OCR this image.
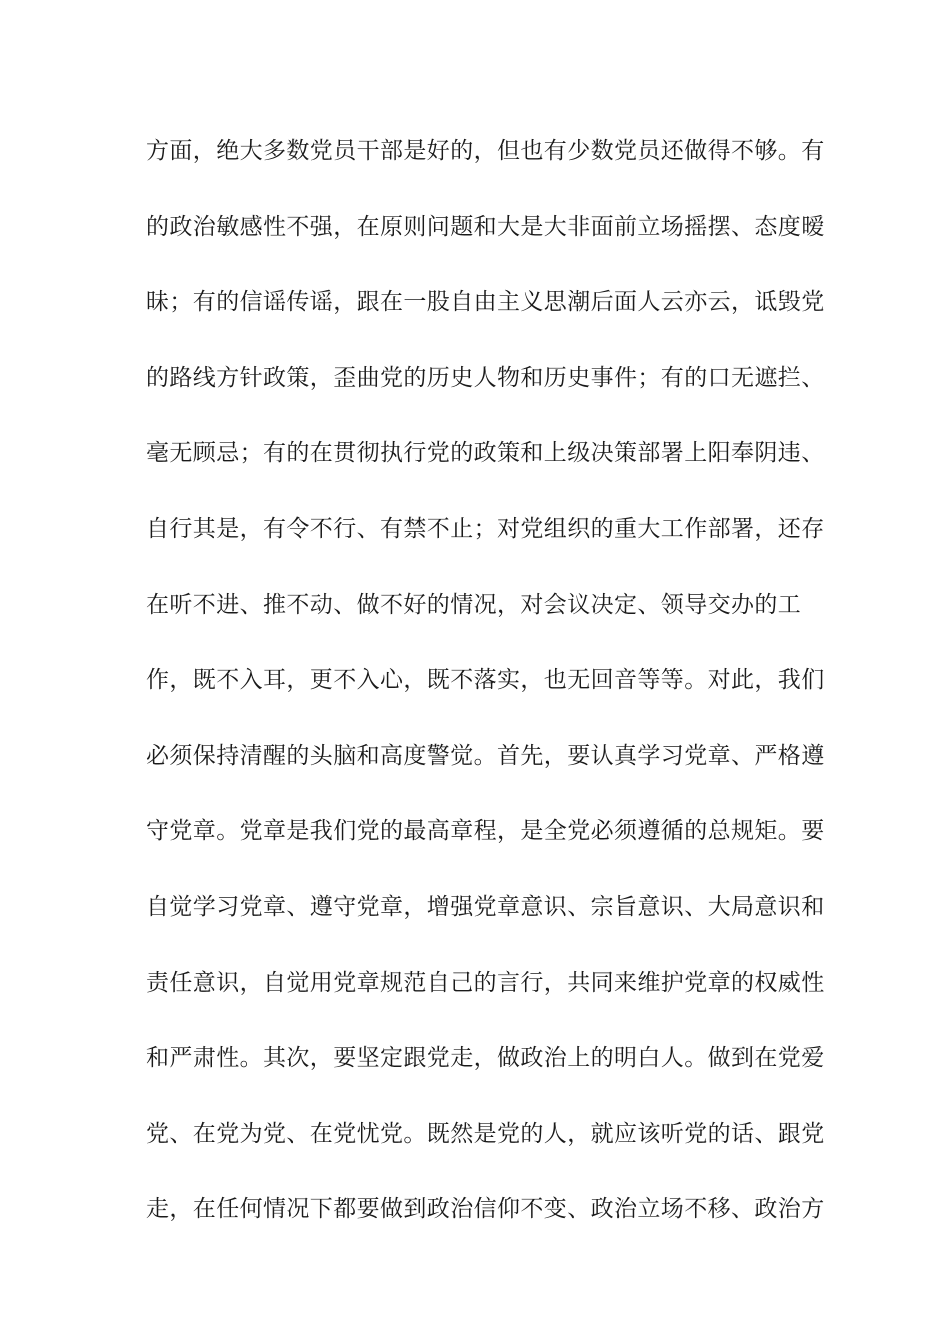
方面，绝大多数党员干部是好的，但也有少数党员还做得不够。有
的政治敏感性不强，在原则问题和大是大非面前立场摇摆、态度暧
昧；有的信谣传谣，跟在一股自由主义思潮后面人云亦云，诋毁党
的路线方针政策，歪曲党的历史人物和历史事件；有的口无遮拦、
毫无顾忌；有的在贯彻执行党的政策和上级决策部署上阳奉阴违、
自行其是，有令不行、有禁不止；对党组织的重大工作部署，还存
在听不进、推不动、做不好的情况，对会议决定、领导交办的工
作，既不入耳，更不入心，既不落实，也无回音等等。对此，我们
必须保持清醒的头脑和高度警觉。首先，要认真学习党章、严格遵
守党章。党章是我们党的最高章程，是全党必须遵循的总规矩。要
自觉学习党章、遵守党章，增强党章意识、宗旨意识、大局意识和
责任意识，自觉用党章规范自己的言行，共同来维护党章的权威性
和严肃性。其次，要坚定跟党走，做政治上的明白人。做到在党爱
党、在党为党、在党忧党。既然是党的人，就应该听党的话、跟党
走，在任何情况下都要做到政治信仰不变、政治立场不移、政治方
